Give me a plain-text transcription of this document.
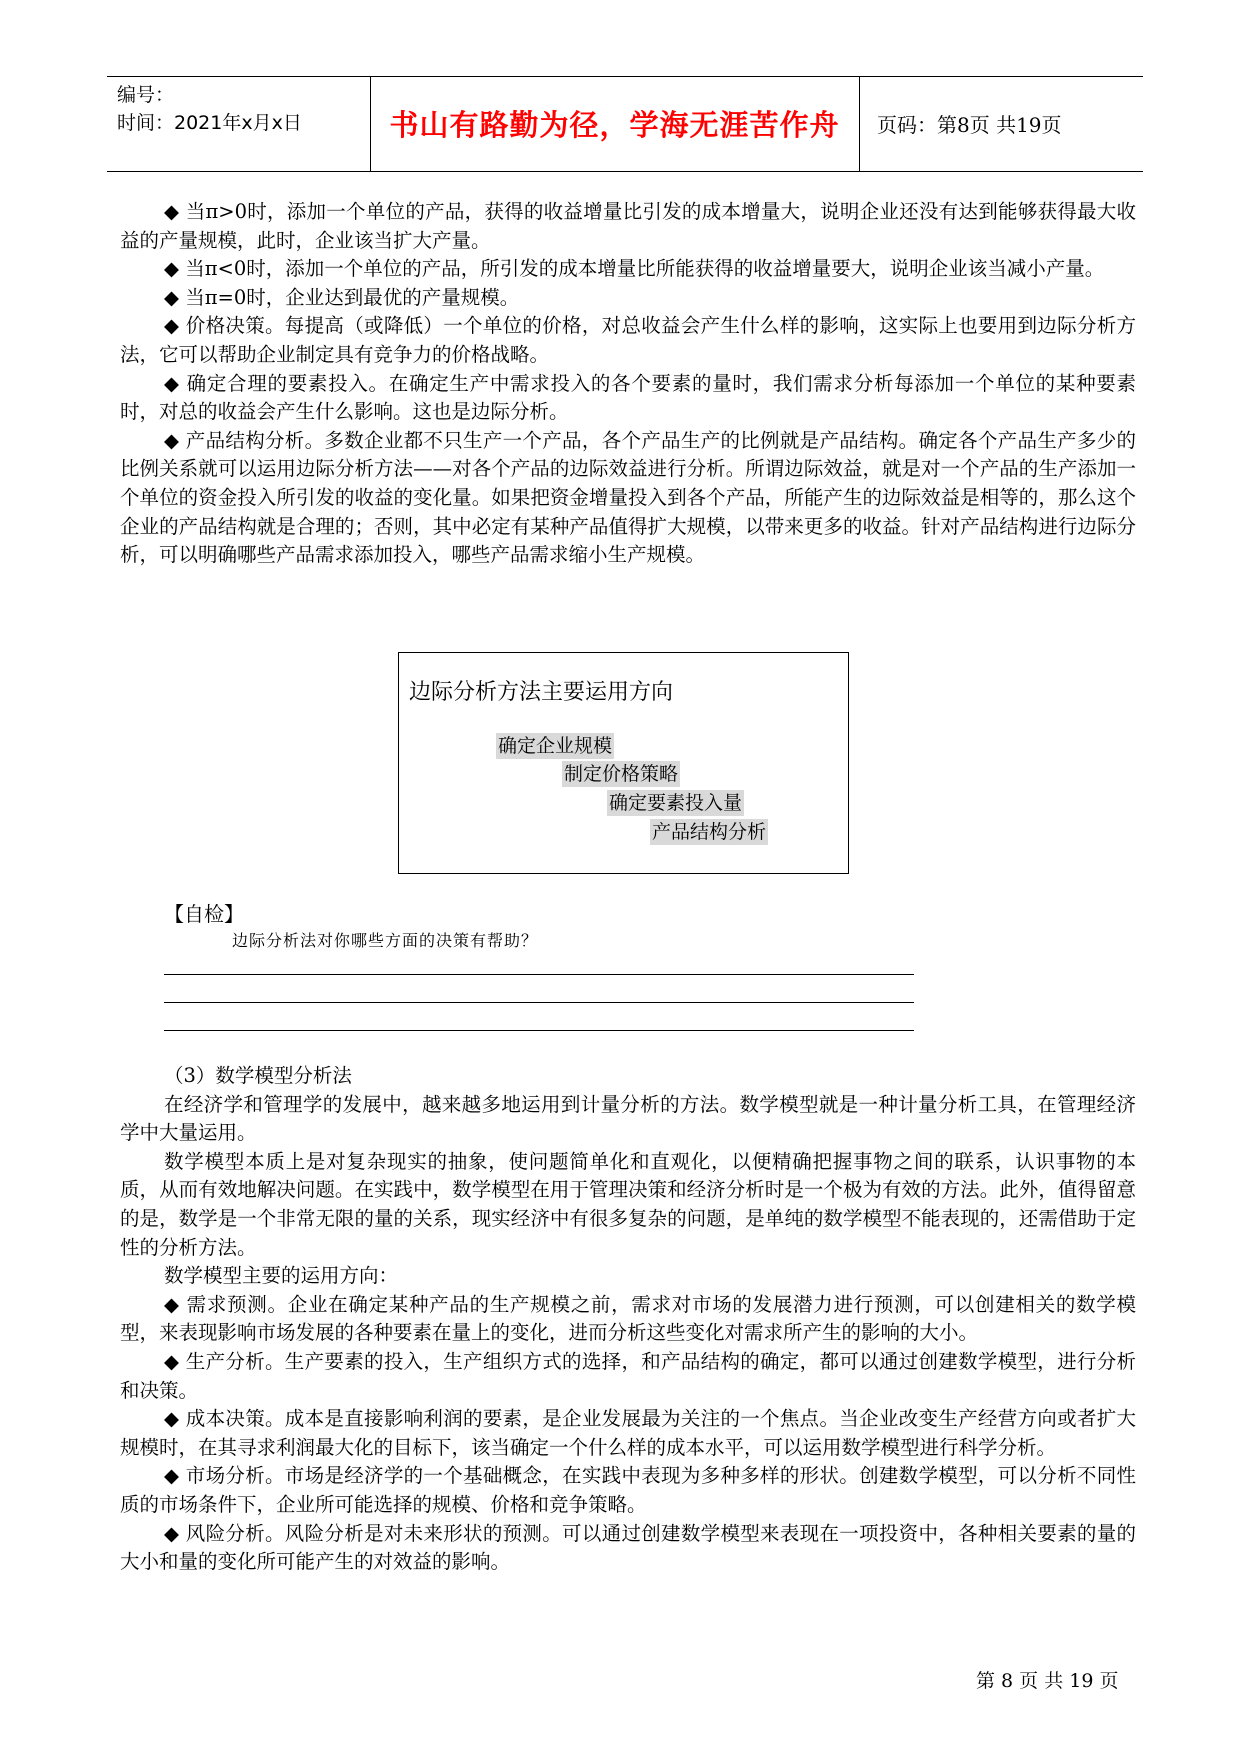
编号：
时间：2021年x月x日	书山有路勤为径，学海无涯苦作舟	页码：第8页 共19页

◆ 当π>0时，添加一个单位的产品，获得的收益增量比引发的成本增量大，说明企业还没有达到能够获得最大收益的产量规模，此时，企业该当扩大产量。

◆ 当π<0时，添加一个单位的产品，所引发的成本增量比所能获得的收益增量要大，说明企业该当减小产量。

◆ 当π=0时，企业达到最优的产量规模。

◆ 价格决策。每提高（或降低）一个单位的价格，对总收益会产生什么样的影响，这实际上也要用到边际分析方法，它可以帮助企业制定具有竞争力的价格战略。

◆ 确定合理的要素投入。在确定生产中需求投入的各个要素的量时，我们需求分析每添加一个单位的某种要素时，对总的收益会产生什么影响。这也是边际分析。

◆ 产品结构分析。多数企业都不只生产一个产品，各个产品生产的比例就是产品结构。确定各个产品生产多少的比例关系就可以运用边际分析方法——对各个产品的边际效益进行分析。所谓边际效益，就是对一个产品的生产添加一个单位的资金投入所引发的收益的变化量。如果把资金增量投入到各个产品，所能产生的边际效益是相等的，那么这个企业的产品结构就是合理的；否则，其中必定有某种产品值得扩大规模，以带来更多的收益。针对产品结构进行边际分析，可以明确哪些产品需求添加投入，哪些产品需求缩小生产规模。

边际分析方法主要运用方向
确定企业规模
制定价格策略
确定要素投入量
产品结构分析
【自检】
边际分析法对你哪些方面的决策有帮助？

（3）数学模型分析法

在经济学和管理学的发展中，越来越多地运用到计量分析的方法。数学模型就是一种计量分析工具，在管理经济学中大量运用。

数学模型本质上是对复杂现实的抽象，使问题简单化和直观化，以便精确把握事物之间的联系，认识事物的本质，从而有效地解决问题。在实践中，数学模型在用于管理决策和经济分析时是一个极为有效的方法。此外，值得留意的是，数学是一个非常无限的量的关系，现实经济中有很多复杂的问题，是单纯的数学模型不能表现的，还需借助于定性的分析方法。

数学模型主要的运用方向：

◆ 需求预测。企业在确定某种产品的生产规模之前，需求对市场的发展潜力进行预测，可以创建相关的数学模型，来表现影响市场发展的各种要素在量上的变化，进而分析这些变化对需求所产生的影响的大小。

◆ 生产分析。生产要素的投入，生产组织方式的选择，和产品结构的确定，都可以通过创建数学模型，进行分析和决策。

◆ 成本决策。成本是直接影响利润的要素，是企业发展最为关注的一个焦点。当企业改变生产经营方向或者扩大规模时，在其寻求利润最大化的目标下，该当确定一个什么样的成本水平，可以运用数学模型进行科学分析。

◆ 市场分析。市场是经济学的一个基础概念，在实践中表现为多种多样的形状。创建数学模型，可以分析不同性质的市场条件下，企业所可能选择的规模、价格和竞争策略。

◆ 风险分析。风险分析是对未来形状的预测。可以通过创建数学模型来表现在一项投资中，各种相关要素的量的大小和量的变化所可能产生的对效益的影响。

第 8 页 共 19 页
